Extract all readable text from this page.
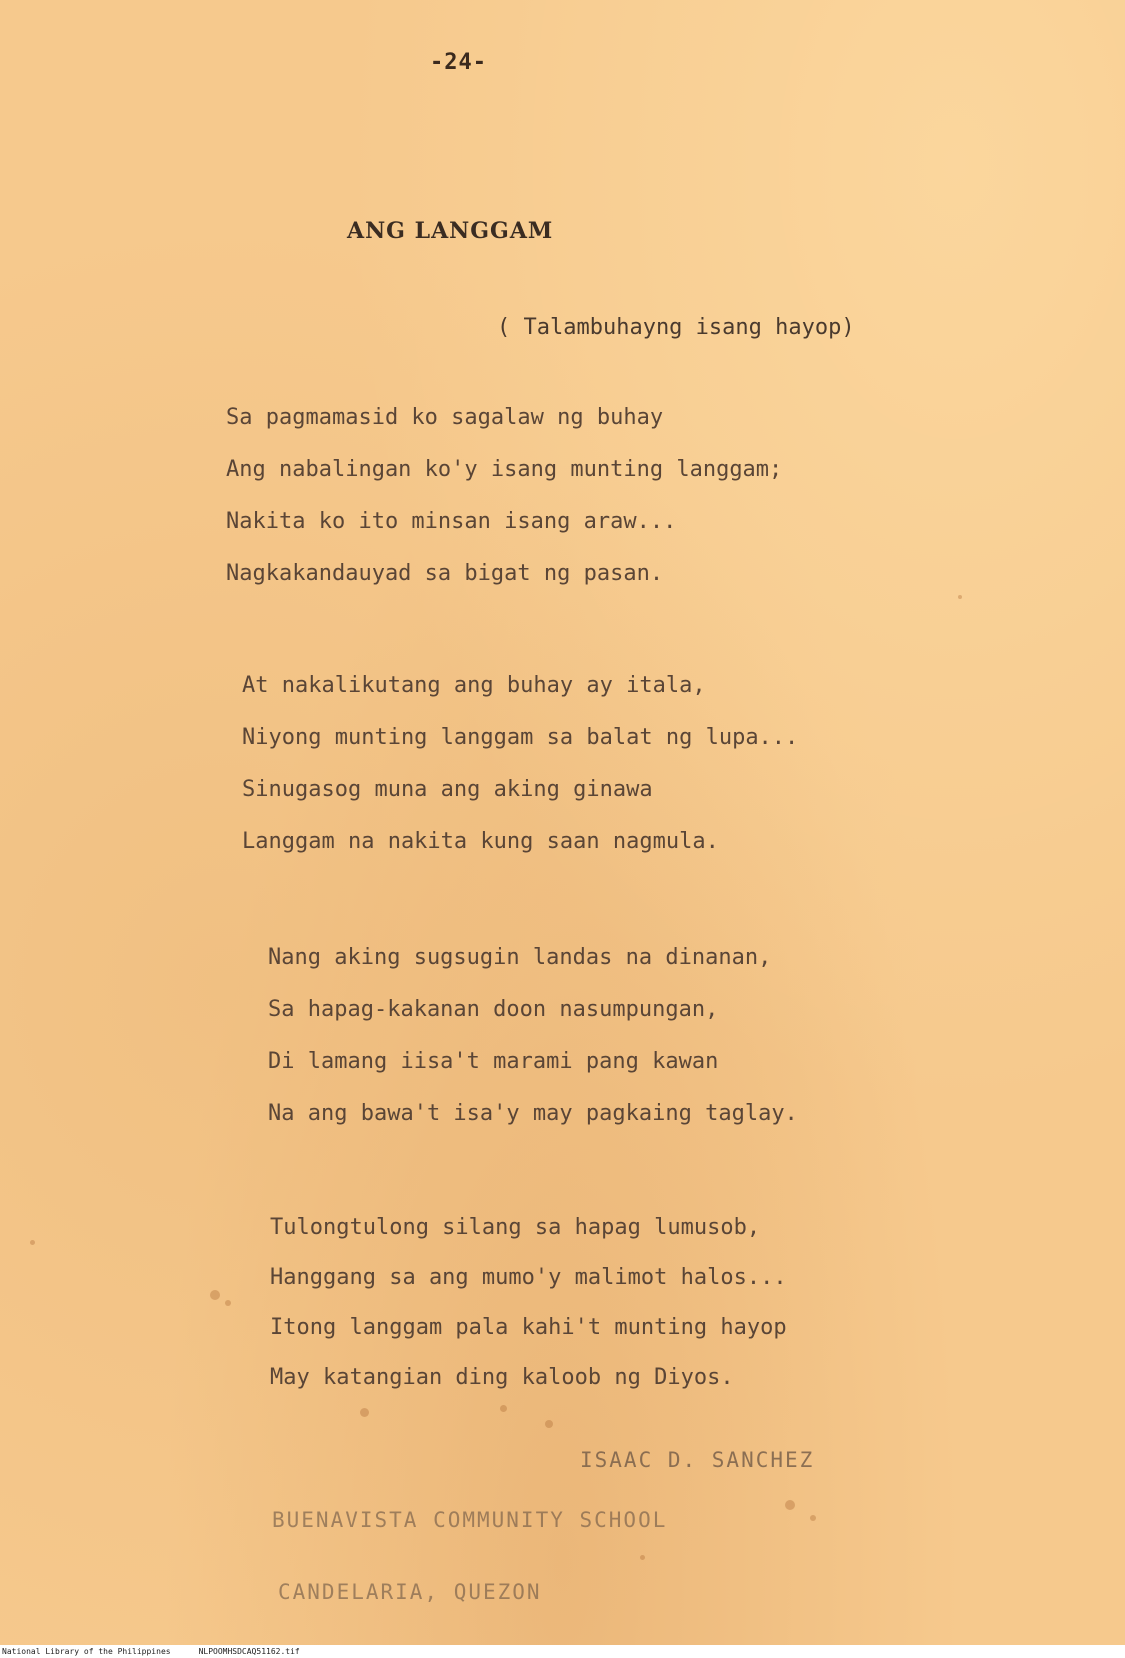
-24-
ANG LANGGAM
( Talambuhayng isang hayop)
Sa pagmamasid ko sagalaw ng buhay
Ang nabalingan ko'y isang munting langgam;
Nakita ko ito minsan isang araw...
Nagkakandauyad sa bigat ng pasan.
At nakalikutang ang buhay ay itala,
Niyong munting langgam sa balat ng lupa...
Sinugasog muna ang aking ginawa
Langgam na nakita kung saan nagmula.
Nang aking sugsugin landas na dinanan,
Sa hapag-kakanan doon nasumpungan,
Di lamang iisa't marami pang kawan
Na ang bawa't isa'y may pagkaing taglay.
Tulongtulong silang sa hapag lumusob,
Hanggang sa ang mumo'y malimot halos...
Itong langgam pala kahi't munting hayop
May katangian ding kaloob ng Diyos.
ISAAC D. SANCHEZ
BUENAVISTA COMMUNITY SCHOOL
CANDELARIA, QUEZON
National Library of the Philippines	NLPOOMHSDCAQ51162.tif
